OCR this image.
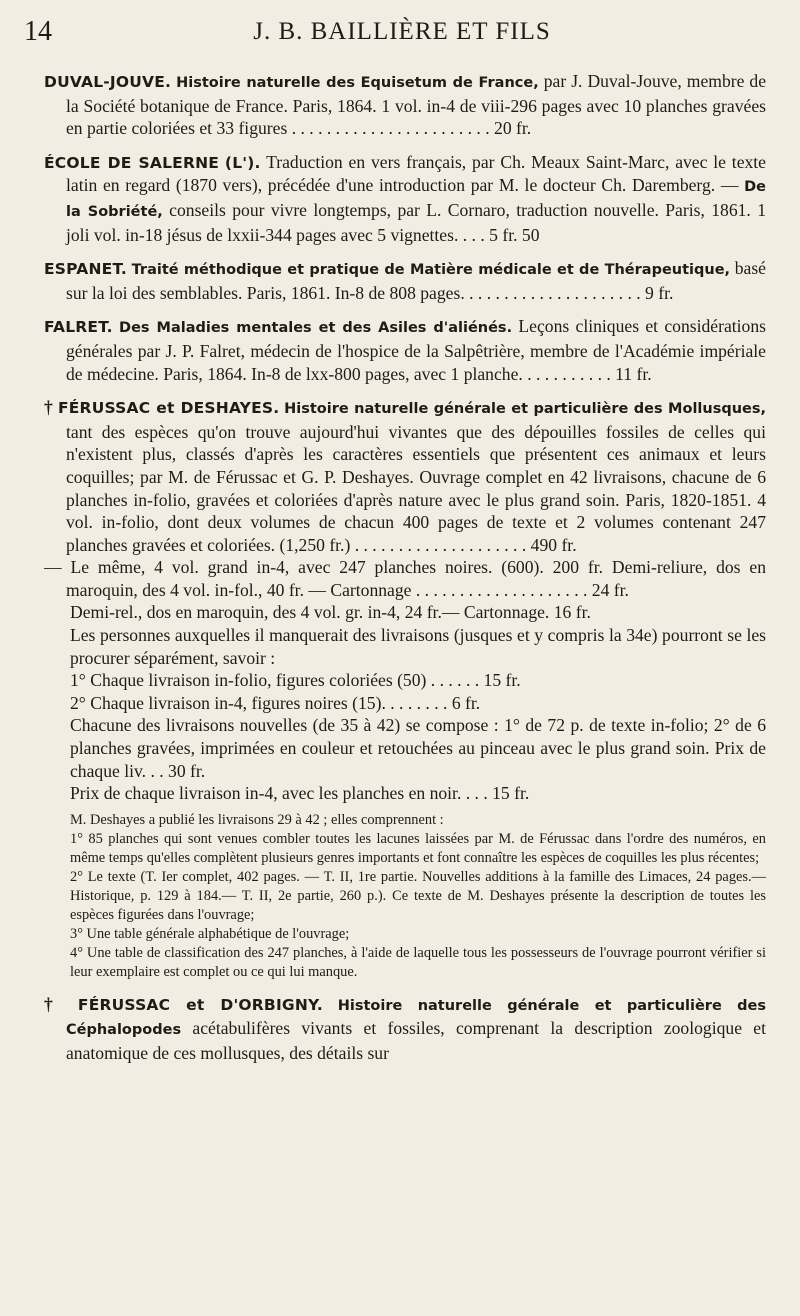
14	J. B. BAILLIÈRE ET FILS

DUVAL-JOUVE. Histoire naturelle des Equisetum de France, par J. Duval-Jouve, membre de la Société botanique de France. Paris, 1864. 1 vol. in-4 de viii-296 pages avec 10 planches gravées en partie coloriées et 33 figures . . . . . . . . . . . . . . . . . . . . . . . 20 fr.

ÉCOLE DE SALERNE (L'). Traduction en vers français, par Ch. Meaux Saint-Marc, avec le texte latin en regard (1870 vers), précédée d'une introduction par M. le docteur Ch. Daremberg. — De la Sobriété, conseils pour vivre longtemps, par L. Cornaro, traduction nouvelle. Paris, 1861. 1 joli vol. in-18 jésus de lxxii-344 pages avec 5 vignettes. . . . 5 fr. 50

ESPANET. Traité méthodique et pratique de Matière médicale et de Thérapeutique, basé sur la loi des semblables. Paris, 1861. In-8 de 808 pages. . . . . . . . . . . . . . . . . . . . . 9 fr.

FALRET. Des Maladies mentales et des Asiles d'aliénés. Leçons cliniques et considérations générales par J. P. Falret, médecin de l'hospice de la Salpêtrière, membre de l'Académie impériale de médecine. Paris, 1864. In-8 de lxx-800 pages, avec 1 planche. . . . . . . . . . . 11 fr.

† FÉRUSSAC et DESHAYES. Histoire naturelle générale et particulière des Mollusques, tant des espèces qu'on trouve aujourd'hui vivantes que des dépouilles fossiles de celles qui n'existent plus, classés d'après les caractères essentiels que présentent ces animaux et leurs coquilles; par M. de Férussac et G. P. Deshayes. Ouvrage complet en 42 livraisons, chacune de 6 planches in-folio, gravées et coloriées d'après nature avec le plus grand soin. Paris, 1820-1851. 4 vol. in-folio, dont deux volumes de chacun 400 pages de texte et 2 volumes contenant 247 planches gravées et coloriées. (1,250 fr.) . . . . . . . . . . . . . . . . . . . . 490 fr.

— Le même, 4 vol. grand in-4, avec 247 planches noires. (600). 200 fr. Demi-reliure, dos en maroquin, des 4 vol. in-fol., 40 fr. — Cartonnage . . . . . . . . . . . . . . . . . . . . 24 fr.

Demi-rel., dos en maroquin, des 4 vol. gr. in-4, 24 fr.— Cartonnage. 16 fr.

Les personnes auxquelles il manquerait des livraisons (jusques et y compris la 34e) pourront se les procurer séparément, savoir :

1° Chaque livraison in-folio, figures coloriées (50) . . . . . . 15 fr.

2° Chaque livraison in-4, figures noires (15). . . . . . . . 6 fr.

Chacune des livraisons nouvelles (de 35 à 42) se compose : 1° de 72 p. de texte in-folio; 2° de 6 planches gravées, imprimées en couleur et retouchées au pinceau avec le plus grand soin. Prix de chaque liv. . . 30 fr.

Prix de chaque livraison in-4, avec les planches en noir. . . . 15 fr.

M. Deshayes a publié les livraisons 29 à 42 ; elles comprennent :

1° 85 planches qui sont venues combler toutes les lacunes laissées par M. de Férussac dans l'ordre des numéros, en même temps qu'elles complètent plusieurs genres importants et font connaître les espèces de coquilles les plus récentes;

2° Le texte (T. Ier complet, 402 pages. — T. II, 1re partie. Nouvelles additions à la famille des Limaces, 24 pages.— Historique, p. 129 à 184.— T. II, 2e partie, 260 p.). Ce texte de M. Deshayes présente la description de toutes les espèces figurées dans l'ouvrage;

3° Une table générale alphabétique de l'ouvrage;

4° Une table de classification des 247 planches, à l'aide de laquelle tous les possesseurs de l'ouvrage pourront vérifier si leur exemplaire est complet ou ce qui lui manque.

† FÉRUSSAC et D'ORBIGNY. Histoire naturelle générale et particulière des Céphalopodes acétabulifères vivants et fossiles, comprenant la description zoologique et anatomique de ces mollusques, des détails sur
